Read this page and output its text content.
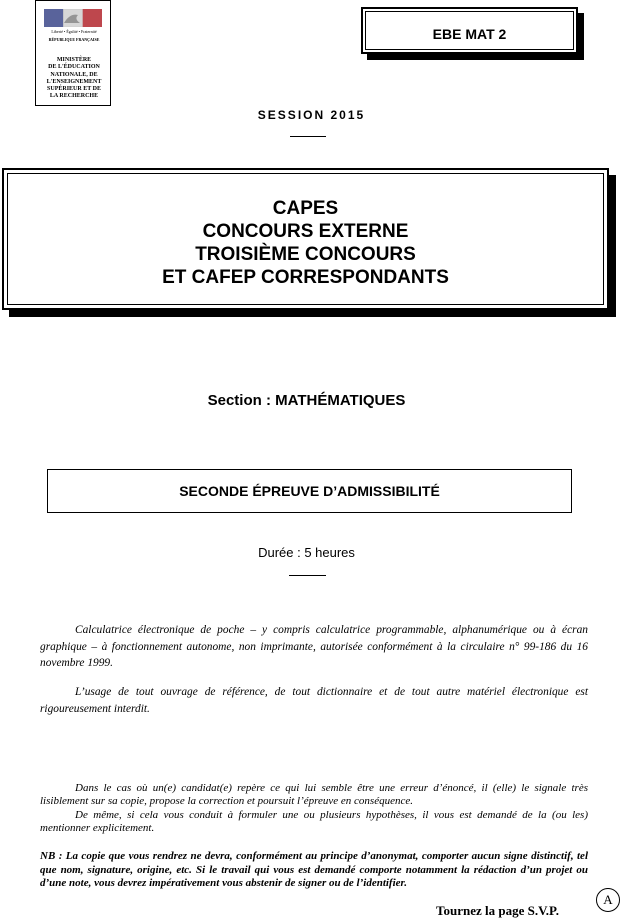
Liberté • Égalité • Fraternité
RÉPUBLIQUE FRANÇAISE
MINISTÈRE
DE L'ÉDUCATION
NATIONALE, DE
L'ENSEIGNEMENT
SUPÉRIEUR ET DE
LA RECHERCHE
EBE MAT 2
SESSION 2015
CAPES
CONCOURS EXTERNE
TROISIÈME CONCOURS
ET CAFEP CORRESPONDANTS
Section : MATHÉMATIQUES
SECONDE ÉPREUVE D’ADMISSIBILITÉ
Durée : 5 heures

Calculatrice électronique de poche – y compris calculatrice programmable, alphanumérique ou à écran graphique – à fonctionnement autonome, non imprimante, autorisée conformément à la circulaire n° 99-186 du 16 novembre 1999.

L’usage de tout ouvrage de référence, de tout dictionnaire et de tout autre matériel électronique est rigoureusement interdit.

Dans le cas où un(e) candidat(e) repère ce qui lui semble être une erreur d’énoncé, il (elle) le signale très lisiblement sur sa copie, propose la correction et poursuit l’épreuve en conséquence.

De même, si cela vous conduit à formuler une ou plusieurs hypothèses, il vous est demandé de la (ou les) mentionner explicitement.

NB : La copie que vous rendrez ne devra, conformément au principe d’anonymat, comporter aucun signe distinctif, tel que nom, signature, origine, etc. Si le travail qui vous est demandé comporte notamment la rédaction d’un projet ou d’une note, vous devrez impérativement vous abstenir de signer ou de l’identifier.

Tournez la page S.V.P.
A
